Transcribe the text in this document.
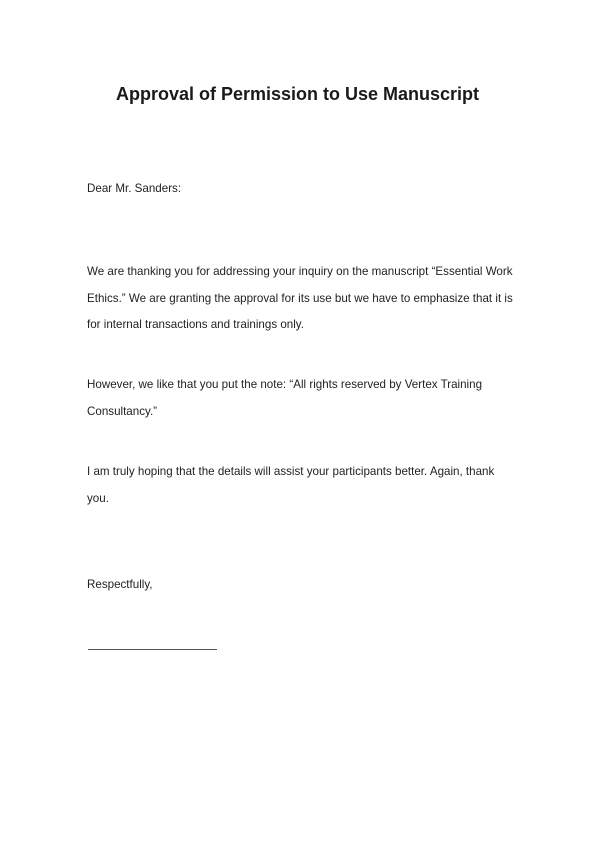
Approval of Permission to Use Manuscript

Dear Mr. Sanders:

We are thanking you for addressing your inquiry on the manuscript “Essential Work Ethics.” We are granting the approval for its use but we have to emphasize that it is for internal transactions and trainings only.

However, we like that you put the note: “All rights reserved by Vertex Training Consultancy.”

I am truly hoping that the details will assist your participants better. Again, thank you.

Respectfully,
